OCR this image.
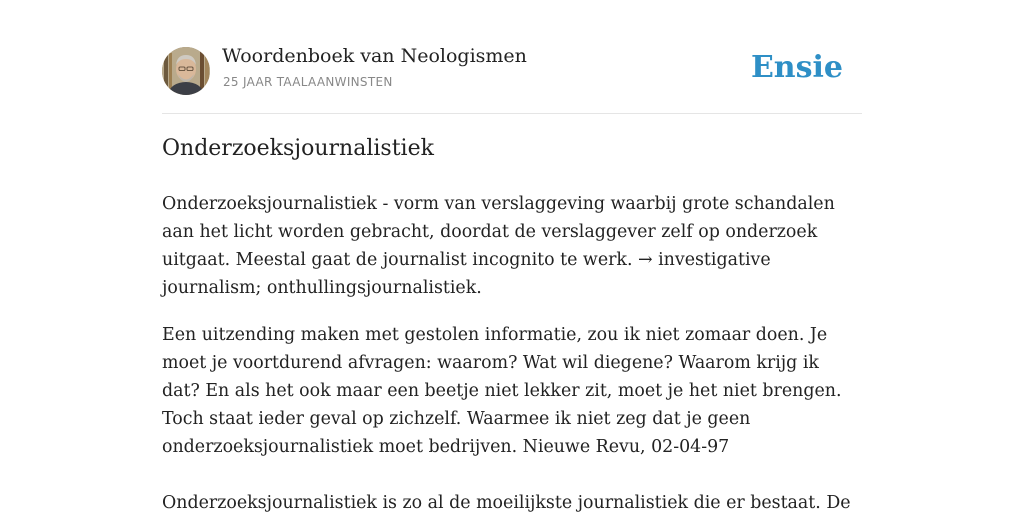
Woordenboek van Neologismen
25 JAAR TAALAANWINSTEN	Ensie
Onderzoeksjournalistiek

Onderzoeksjournalistiek - vorm van verslaggeving waarbij grote schandalen aan het licht worden gebracht, doordat de verslaggever zelf op onderzoek uitgaat. Meestal gaat de journalist incognito te werk. → investigative journalism; onthullingsjournalistiek.

Een uitzending maken met gestolen informatie, zou ik niet zomaar doen. Je moet je voortdurend afvragen: waarom? Wat wil diegene? Waarom krijg ik dat? En als het ook maar een beetje niet lekker zit, moet je het niet brengen. Toch staat ieder geval op zichzelf. Waarmee ik niet zeg dat je geen onderzoeksjournalistiek moet bedrijven. Nieuwe Revu, 02-04-97

Onderzoeksjournalistiek is zo al de moeilijkste journalistiek die er bestaat. De
